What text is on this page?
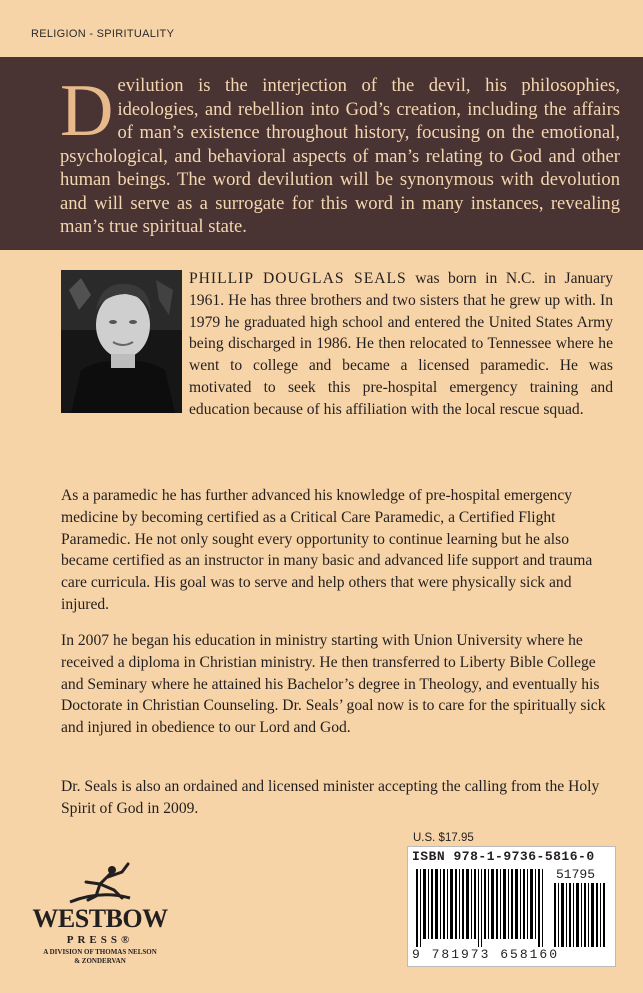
RELIGION - SPIRITUALITY
Devilution is the interjection of the devil, his philosophies, ideologies, and rebellion into God’s creation, including the affairs of man’s existence throughout history, focusing on the emotional, psychological, and behavioral aspects of man’s relating to God and other human beings. The word devilution will be synonymous with devolution and will serve as a surrogate for this word in many instances, revealing man’s true spiritual state.
PHILLIP DOUGLAS SEALS was born in N.C. in January 1961. He has three brothers and two sisters that he grew up with. In 1979 he graduated high school and entered the United States Army being discharged in 1986. He then relocated to Tennessee where he went to college and became a licensed paramedic. He was motivated to seek this pre-hospital emergency training and education because of his affiliation with the local rescue squad.

As a paramedic he has further advanced his knowledge of pre-hospital emergency medicine by becoming certified as a Critical Care Paramedic, a Certified Flight Paramedic. He not only sought every opportunity to continue learning but he also became certified as an instructor in many basic and advanced life support and trauma care curricula. His goal was to serve and help others that were physically sick and injured.

In 2007 he began his education in ministry starting with Union University where he received a diploma in Christian ministry. He then transferred to Liberty Bible College and Seminary where he attained his Bachelor’s degree in Theology, and eventually his Doctorate in Christian Counseling. Dr. Seals’ goal now is to care for the spiritually sick and injured in obedience to our Lord and God.

Dr. Seals is also an ordained and licensed minister accepting the calling from the Holy Spirit of God in 2009.

U.S. $17.95
ISBN 978-1-9736-5816-0
51795
9 781973 658160
WESTBOW
PRESS®
A DIVISION OF THOMAS NELSON
& ZONDERVAN
